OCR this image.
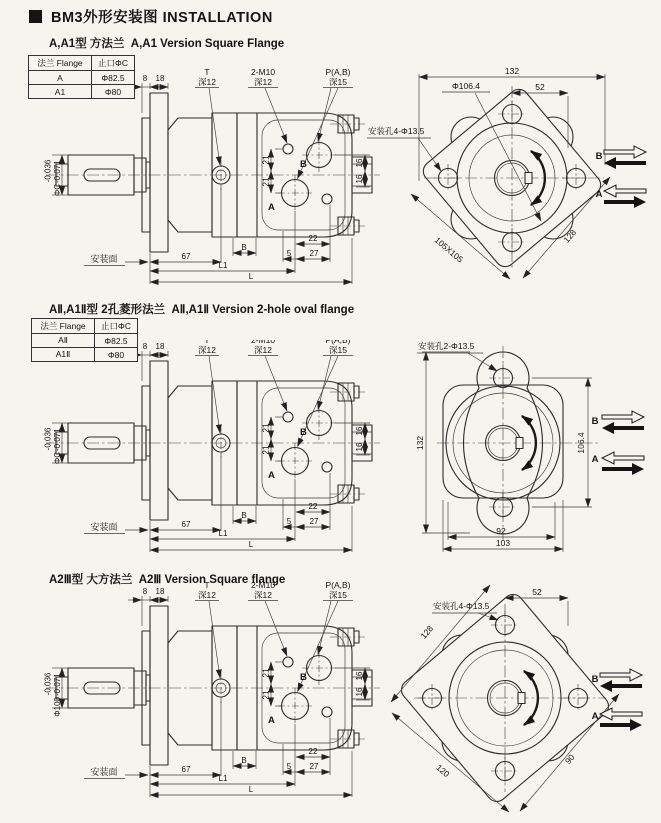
BM3外形安装图 INSTALLATION
A,A1型 方法兰  A,A1 Version Square Flange
AⅡ,A1Ⅱ型 2孔菱形法兰  AⅡ,A1Ⅱ Version 2-hole oval flange
A2Ⅲ型 大方法兰  A2Ⅲ Version Square flange
法兰 Flange	止口ΦC
A	Φ82.5
A1	Φ80
法兰 Flange	止口ΦC
AⅡ	Φ82.5
A1Ⅱ	Φ80
-0.036
ΦC
-0.071
132
52
Φ106.4
安装孔4-Φ13.5
105X105	128
B
A
-0.036
ΦC
-0.071	132	106.4
92
103
安装孔2-Φ13.5
B
A
-0.036
Φ100
-0.071
52
安装孔4-Φ13.5
128
120
90
B
A
